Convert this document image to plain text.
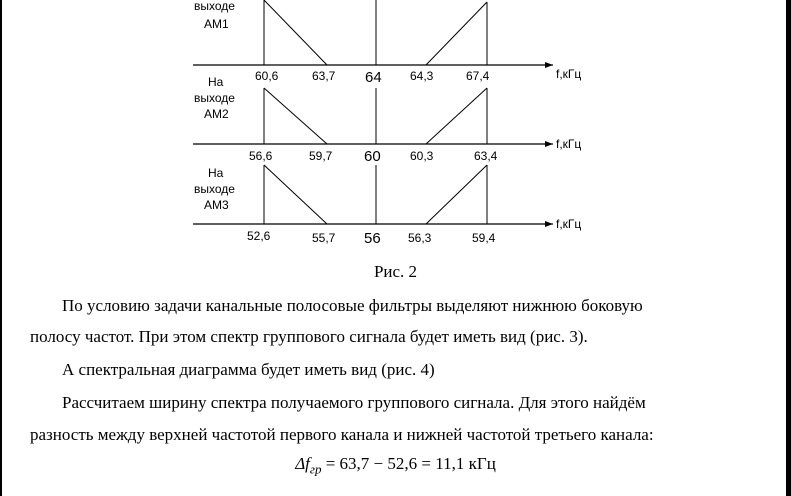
выходе
АМ1
f,кГц
60,6	63,7 64 64,3	67,4
На
выходе
АМ2
f,кГц
56,6	59,7 60 60,3	63,4
На
выходе
АМ3
f,кГц
52,6	55,7 56 56,3	59,4
Рис. 2
По условию задачи канальные полосовые фильтры выделяют нижнюю боковую
полосу частот. При этом спектр группового сигнала будет иметь вид (рис. 3).
А спектральная диаграмма будет иметь вид (рис. 4)
Рассчитаем ширину спектра получаемого группового сигнала. Для этого найдём
разность между верхней частотой первого канала и нижней частотой третьего канала:
$\Delta f_{гр} = 63,7 - 52,6 = 11,1$ кГц
